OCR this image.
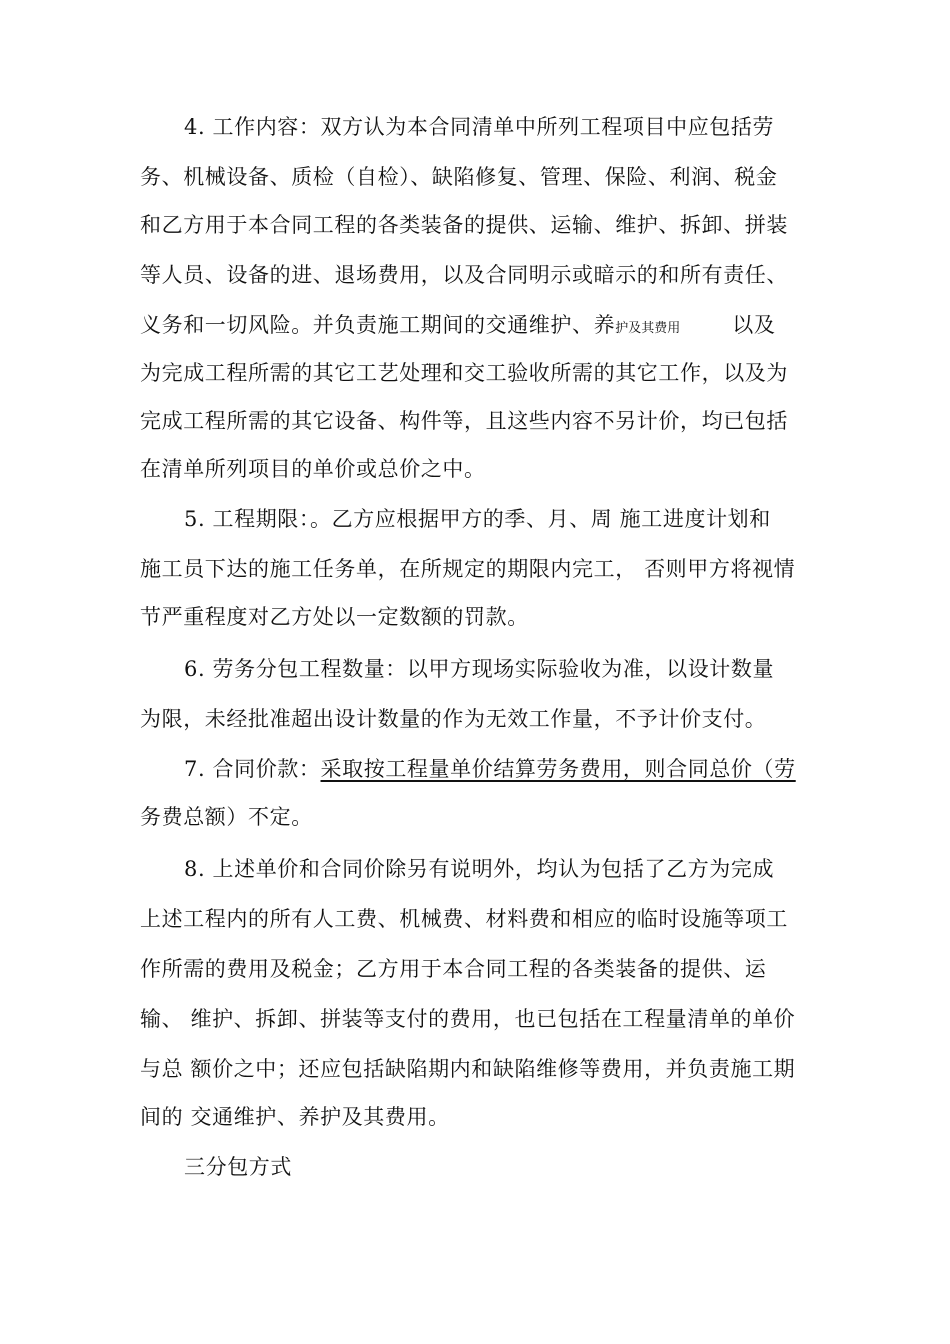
4. 工作内容：双方认为本合同清单中所列工程项目中应包括劳
务、机械设备、质检（自检）、缺陷修复、管理、保险、利润、税金
和乙方用于本合同工程的各类装备的提供、运输、维护、拆卸、拼装
等人员、设备的进、退场费用，以及合同明示或暗示的和所有责任、
义务和一切风险。并负责施工期间的交通维护、养护及其费用 以及
为完成工程所需的其它工艺处理和交工验收所需的其它工作，以及为
完成工程所需的其它设备、构件等，且这些内容不另计价，均已包括
在清单所列项目的单价或总价之中。
5. 工程期限：。乙方应根据甲方的季、月、周 施工进度计划和
施工员下达的施工任务单，在所规定的期限内完工， 否则甲方将视情
节严重程度对乙方处以一定数额的罚款。
6. 劳务分包工程数量：以甲方现场实际验收为准，以设计数量
为限，未经批准超出设计数量的作为无效工作量，不予计价支付。
7. 合同价款：采取按工程量单价结算劳务费用，则合同总价（劳
务费总额）不定。
8. 上述单价和合同价除另有说明外，均认为包括了乙方为完成
上述工程内的所有人工费、机械费、材料费和相应的临时设施等项工
作所需的费用及税金；乙方用于本合同工程的各类装备的提供、运
输、 维护、拆卸、拼装等支付的费用，也已包括在工程量清单的单价
与总 额价之中；还应包括缺陷期内和缺陷维修等费用，并负责施工期
间的 交通维护、养护及其费用。
三分包方式
